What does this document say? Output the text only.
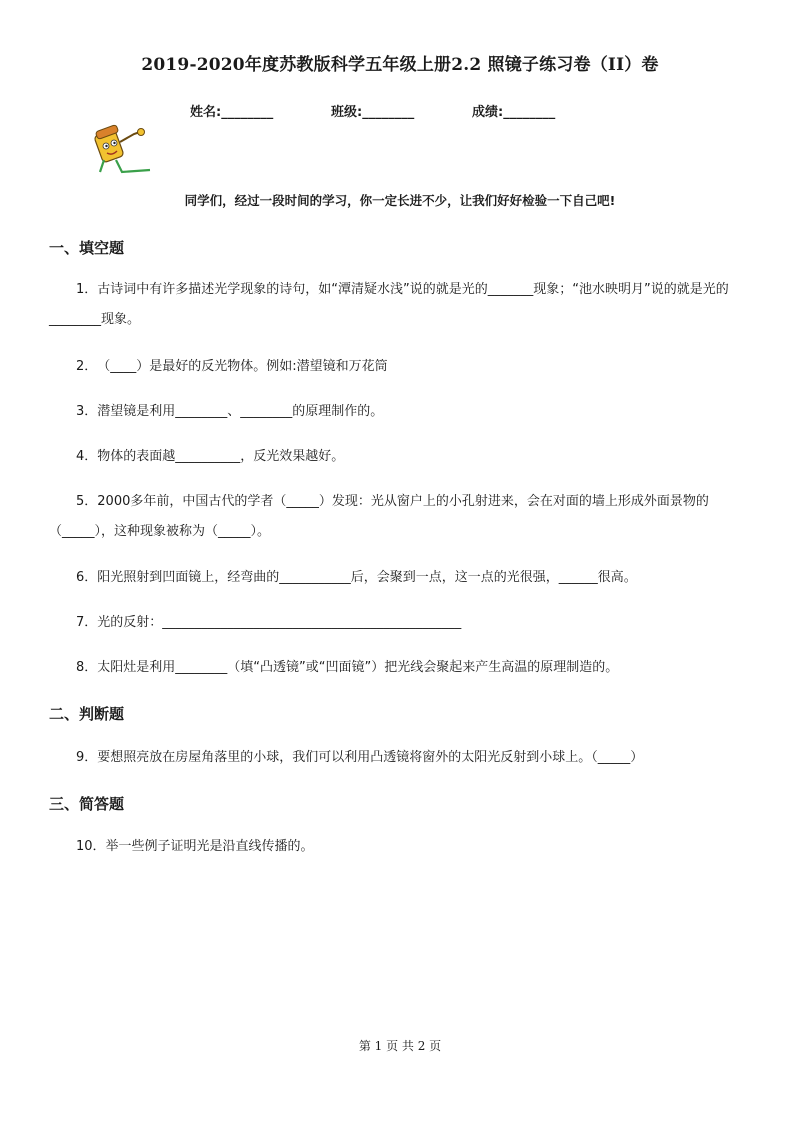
2019-2020年度苏教版科学五年级上册2.2 照镜子练习卷（II）卷
姓名:________	班级:________	成绩:________
同学们，经过一段时间的学习，你一定长进不少，让我们好好检验一下自己吧!
一、填空题
1．古诗词中有许多描述光学现象的诗句，如“潭清疑水浅”说的就是光的_______现象；“池水映明月”说的就是光的________现象。
2．（____）是最好的反光物体。例如:潜望镜和万花筒
3．潜望镜是利用________、________的原理制作的。
4．物体的表面越__________，反光效果越好。
5．2000多年前，中国古代的学者（_____）发现：光从窗户上的小孔射进来，会在对面的墙上形成外面景物的（_____），这种现象被称为（_____）。
6．阳光照射到凹面镜上，经弯曲的___________后，会聚到一点，这一点的光很强，______很高。
7．光的反射：______________________________________________
8．太阳灶是利用________（填“凸透镜”或“凹面镜”）把光线会聚起来产生高温的原理制造的。
二、判断题
9．要想照亮放在房屋角落里的小球，我们可以利用凸透镜将窗外的太阳光反射到小球上。（_____）
三、简答题
10．举一些例子证明光是沿直线传播的。
第 1 页 共 2 页
